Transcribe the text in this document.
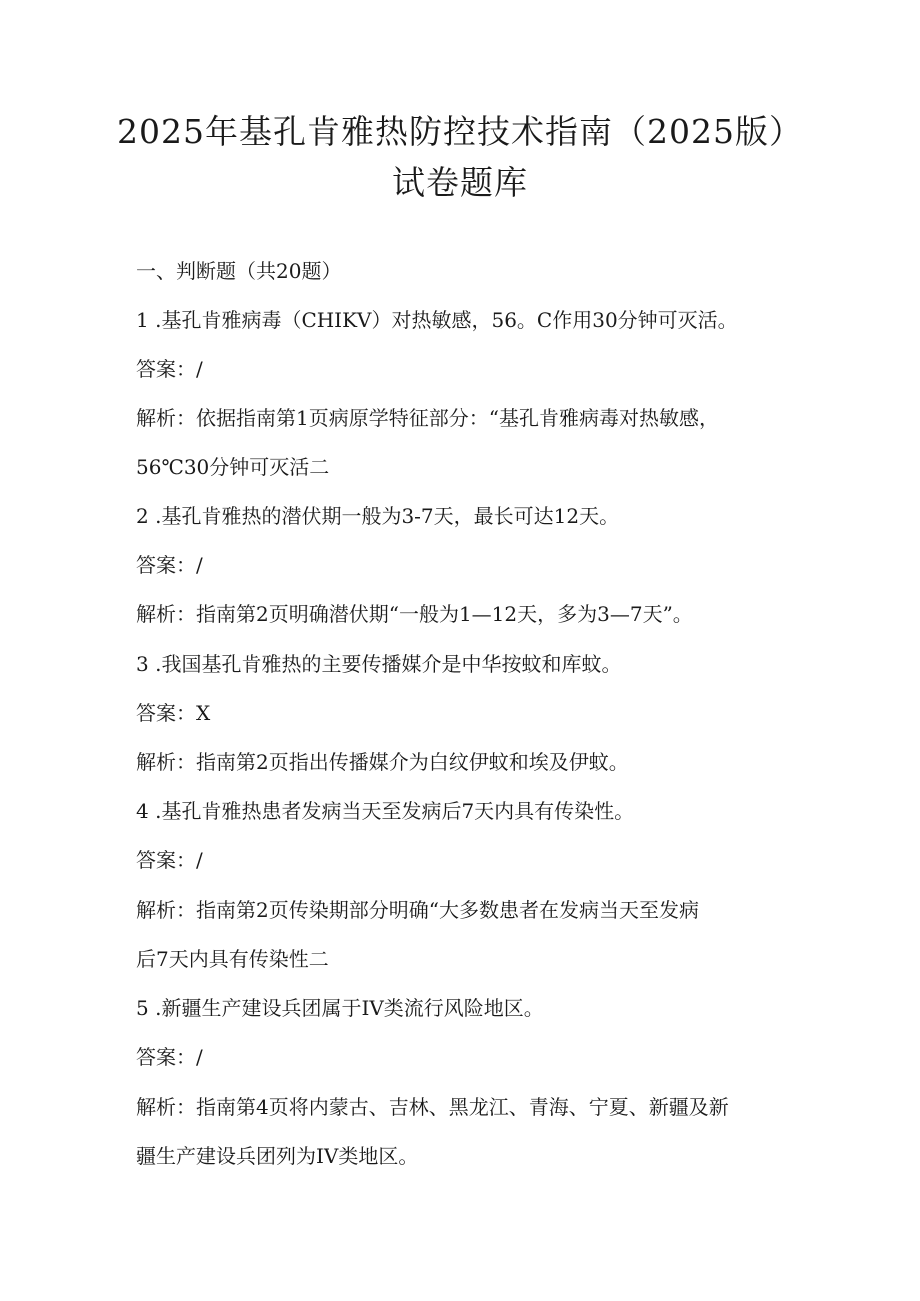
2025年基孔肯雅热防控技术指南（2025版）
试卷题库
一、判断题（共20题）
1 .基孔肯雅病毒（CHIKV）对热敏感，56。C作用30分钟可灭活。
答案：/
解析：依据指南第1页病原学特征部分：“基孔肯雅病毒对热敏感，
56℃30分钟可灭活二
2 .基孔肯雅热的潜伏期一般为3-7天，最长可达12天。
答案：/
解析：指南第2页明确潜伏期“一般为1—12天，多为3—7天”。
3 .我国基孔肯雅热的主要传播媒介是中华按蚊和库蚊。
答案：X
解析：指南第2页指出传播媒介为白纹伊蚊和埃及伊蚊。
4 .基孔肯雅热患者发病当天至发病后7天内具有传染性。
答案：/
解析：指南第2页传染期部分明确“大多数患者在发病当天至发病
后7天内具有传染性二
5 .新疆生产建设兵团属于IV类流行风险地区。
答案：/
解析：指南第4页将内蒙古、吉林、黑龙江、青海、宁夏、新疆及新
疆生产建设兵团列为IV类地区。
